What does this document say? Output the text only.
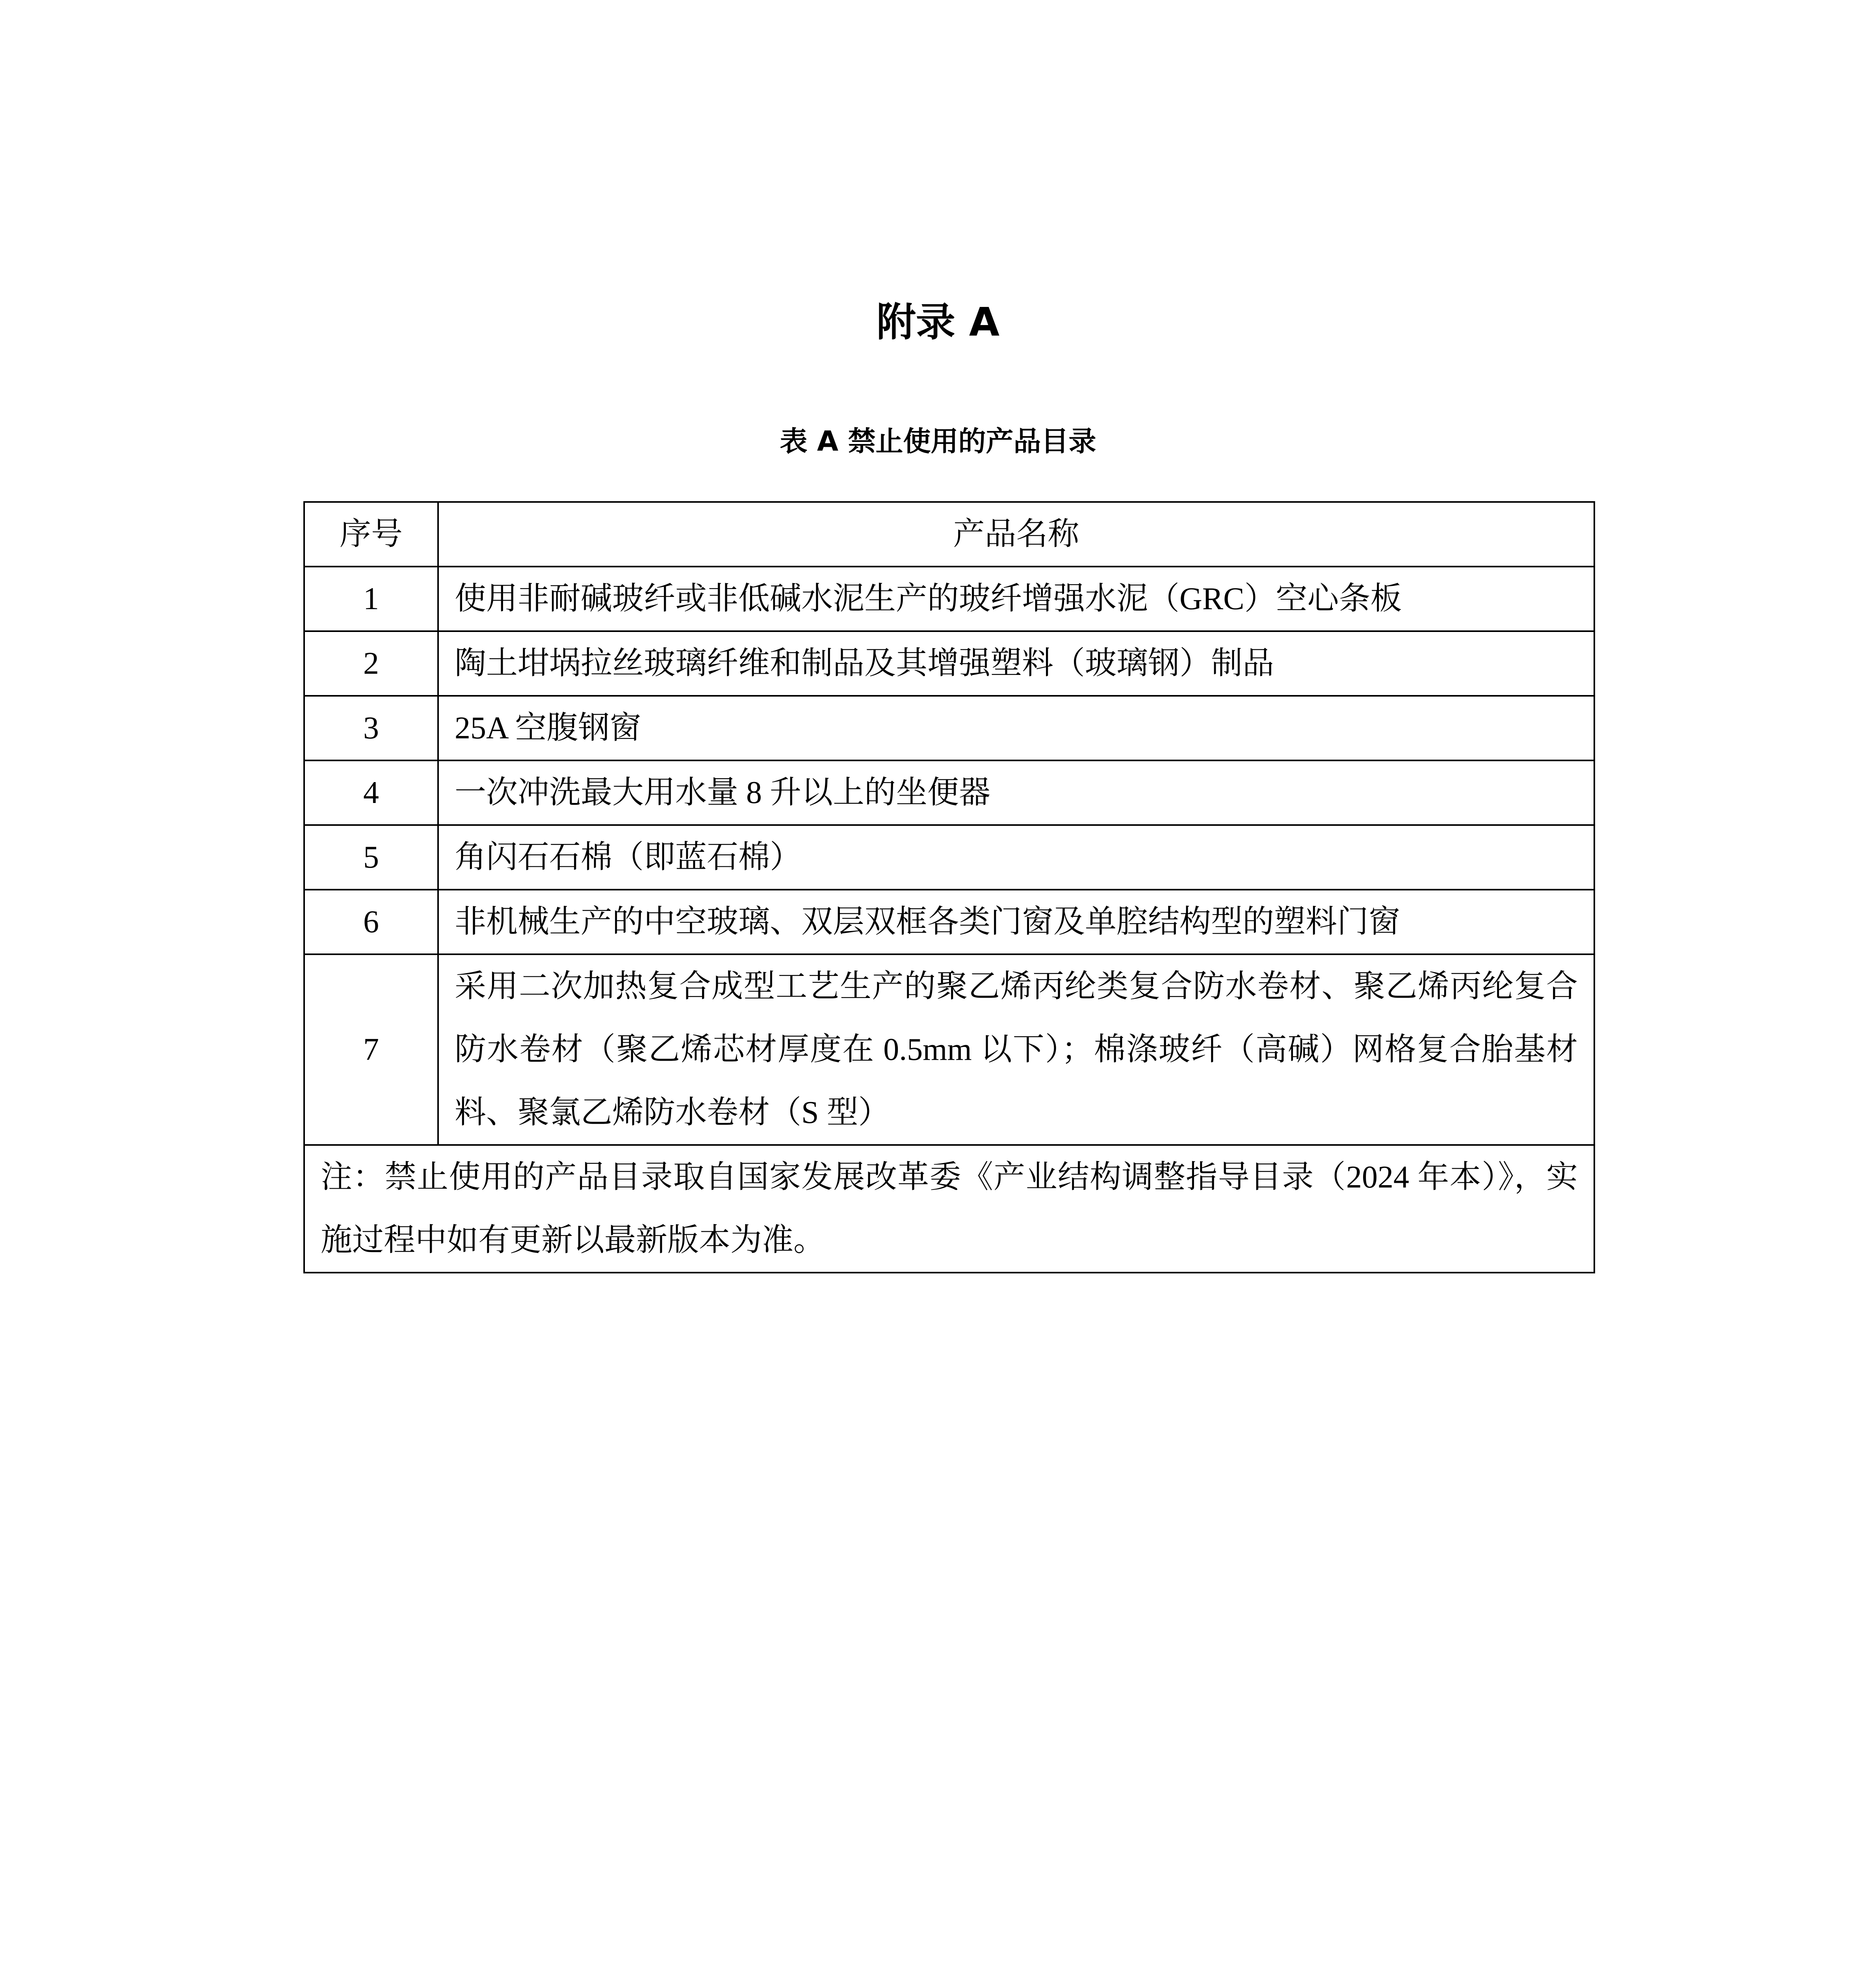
附录 A
表 A 禁止使用的产品目录
序号	产品名称
1	使用非耐碱玻纤或非低碱水泥生产的玻纤增强水泥（GRC）空心条板
2	陶土坩埚拉丝玻璃纤维和制品及其增强塑料（玻璃钢）制品
3	25A 空腹钢窗
4	一次冲洗最大用水量 8 升以上的坐便器
5	角闪石石棉（即蓝石棉）
6	非机械生产的中空玻璃、双层双框各类门窗及单腔结构型的塑料门窗
7	采用二次加热复合成型工艺生产的聚乙烯丙纶类复合防水卷材、聚乙烯丙纶复合防水卷材（聚乙烯芯材厚度在 0.5mm 以下）；棉涤玻纤（高碱）网格复合胎基材料、聚氯乙烯防水卷材（S 型）
注：禁止使用的产品目录取自国家发展改革委《产业结构调整指导目录（2024 年本）》，实施过程中如有更新以最新版本为准。	
